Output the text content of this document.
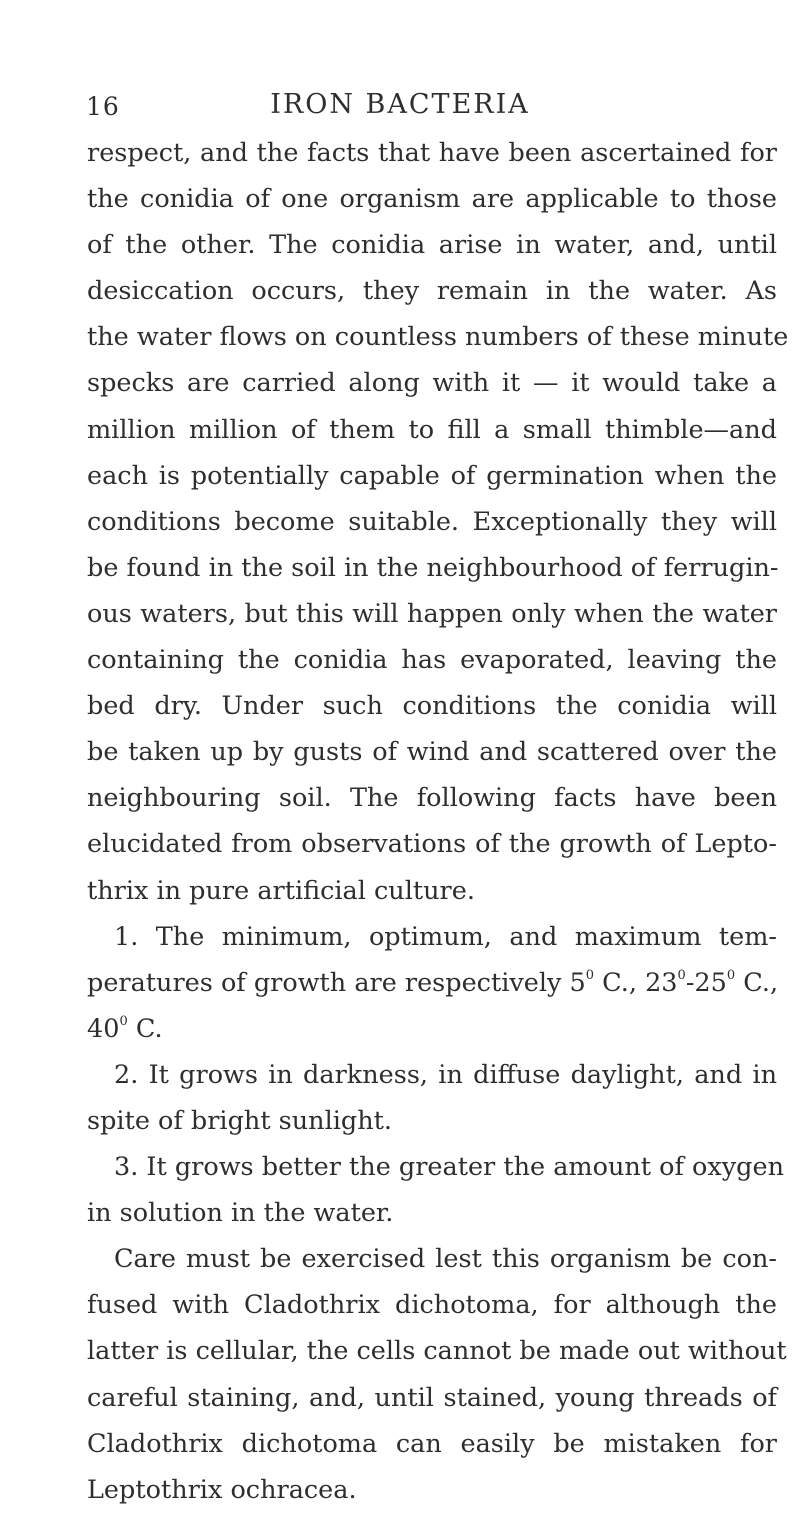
16	IRON BACTERIA
respect, and the facts that have been ascertained for
the conidia of one organism are applicable to those
of the other. The conidia arise in water, and, until
desiccation occurs, they remain in the water. As
the water flows on countless numbers of these minute
specks are carried along with it — it would take a
million million of them to fill a small thimble—and
each is potentially capable of germination when the
conditions become suitable. Exceptionally they will
be found in the soil in the neighbourhood of ferrugin-
ous waters, but this will happen only when the water
containing the conidia has evaporated, leaving the
bed dry. Under such conditions the conidia will
be taken up by gusts of wind and scattered over the
neighbouring soil. The following facts have been
elucidated from observations of the growth of Lepto-
thrix in pure artificial culture.
1. The minimum, optimum, and maximum tem-
peratures of growth are respectively $5^0$ C., $23^0-25^0$ C.,
$40^0$ C.
2. It grows in darkness, in diffuse daylight, and in
spite of bright sunlight.
3. It grows better the greater the amount of oxygen
in solution in the water.
Care must be exercised lest this organism be con-
fused with Cladothrix dichotoma, for although the
latter is cellular, the cells cannot be made out without
careful staining, and, until stained, young threads of
Cladothrix dichotoma can easily be mistaken for
Leptothrix ochracea.
